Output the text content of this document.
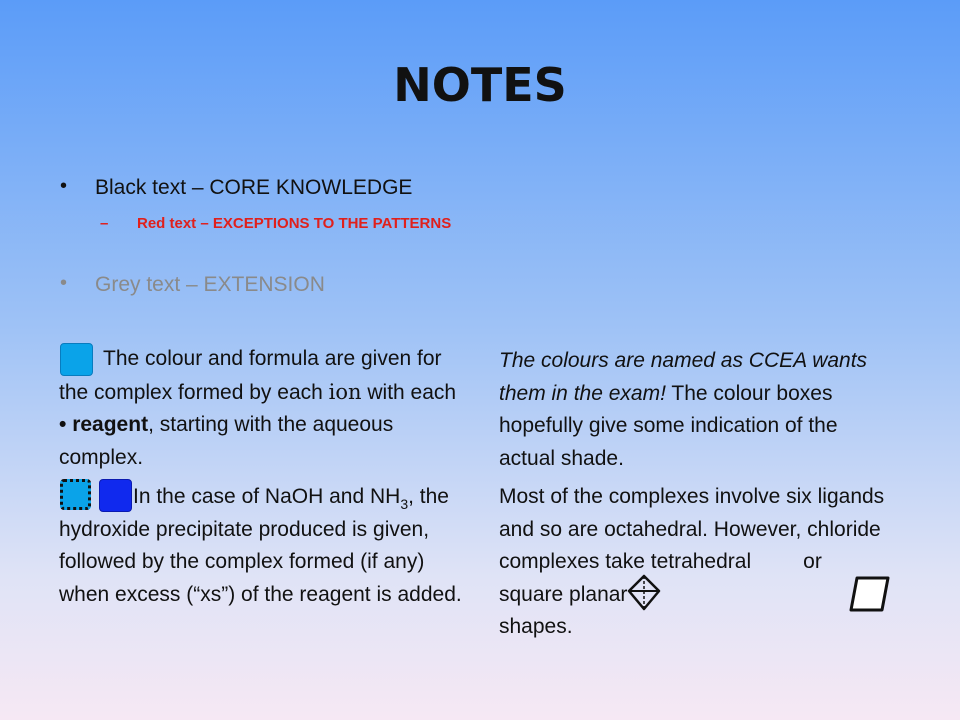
NOTES
• Black text – CORE KNOWLEDGE
– Red text – EXCEPTIONS TO THE PATTERNS
• Grey text – EXTENSION
The colour and formula are given for the complex formed by each ion with each • reagent, starting with the aqueous complex.
In the case of NaOH and $NH_3$, the hydroxide precipitate produced is given, followed by the complex formed (if any) when excess (“xs”) of the reagent is added.
The colours are named as CCEA wants them in the exam! The colour boxes hopefully give some indication of the actual shade.
Most of the complexes involve six ligands and so are octahedral. However, chloride complexes take tetrahedral or square planar
shapes.
